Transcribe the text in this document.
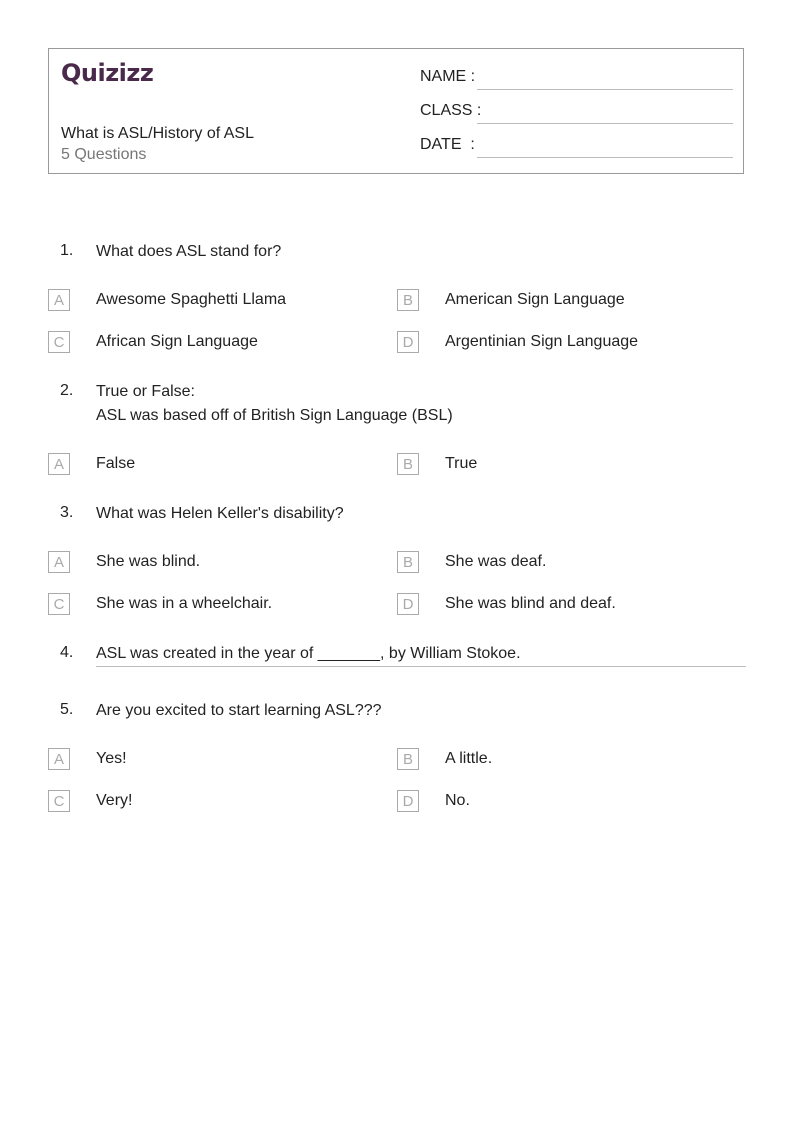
Quizizz
What is ASL/History of ASL
5 Questions
NAME :
CLASS :
DATE  :
1. What does ASL stand for?
A	Awesome Spaghetti Llama	B	American Sign Language
C	African Sign Language	D	Argentinian Sign Language
2. True or False:
ASL was based off of British Sign Language (BSL)
A	False	B	True
3. What was Helen Keller's disability?
A	She was blind.	B	She was deaf.
C	She was in a wheelchair.	D	She was blind and deaf.
4. ASL was created in the year of _______, by William Stokoe.
5. Are you excited to start learning ASL???
A	Yes!	B	A little.
C	Very!	D	No.
